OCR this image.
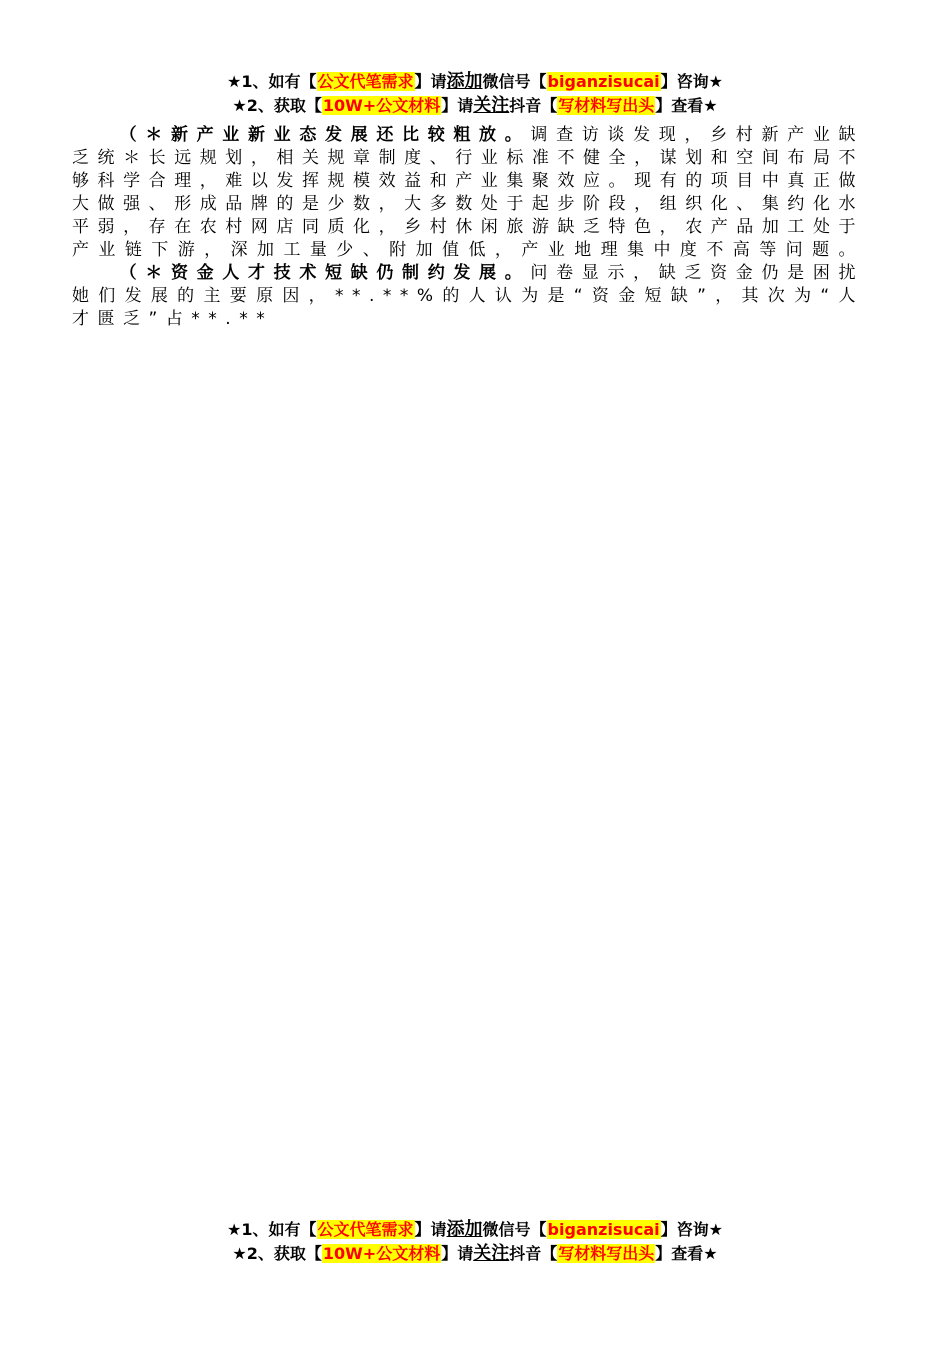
★1、如有【公文代笔需求】请添加微信号【biganzisucai】咨询★
★2、获取【10W+公文材料】请关注抖音【写材料写出头】查看★

（＊新产业新业态发展还比较粗放。调查访谈发现，乡村新产业缺乏统＊长远规划，相关规章制度、行业标准不健全，谋划和空间布局不够科学合理，难以发挥规模效益和产业集聚效应。现有的项目中真正做大做强、形成品牌的是少数，大多数处于起步阶段，组织化、集约化水平弱，存在农村网店同质化，乡村休闲旅游缺乏特色，农产品加工处于产业链下游，深加工量少、附加值低，产业地理集中度不高等问题。

（＊资金人才技术短缺仍制约发展。问卷显示，缺乏资金仍是困扰她们发展的主要原因，**.**%的人认为是“资金短缺”，其次为“人才匮乏”占**.**

★1、如有【公文代笔需求】请添加微信号【biganzisucai】咨询★
★2、获取【10W+公文材料】请关注抖音【写材料写出头】查看★
